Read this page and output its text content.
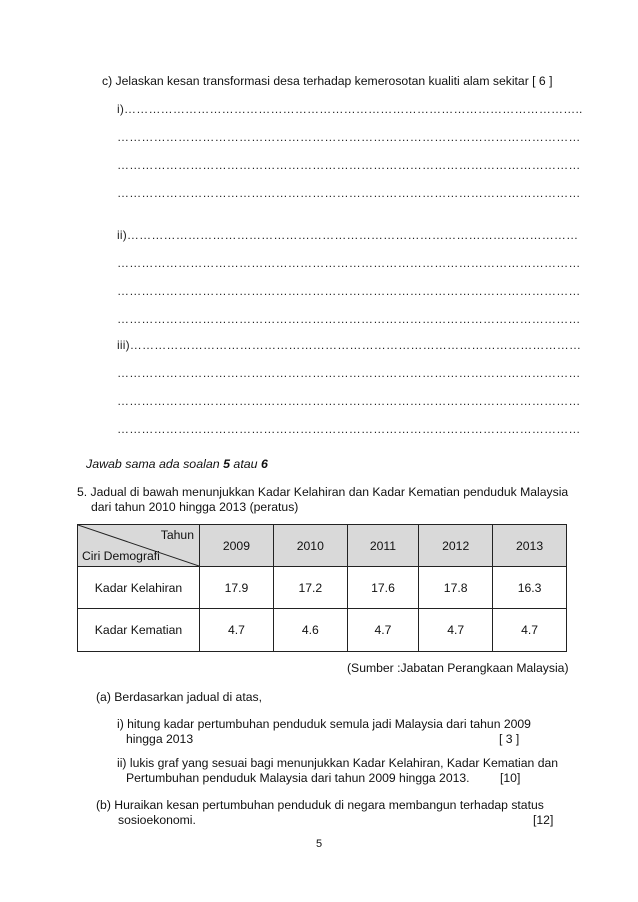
c) Jelaskan kesan transformasi desa terhadap kemerosotan kualiti alam sekitar [ 6 ]
i)…………………………………………………………………………………………………..
……………………………………………………………………………………………………
……………………………………………………………………………………………………
……………………………………………………………………………………………………
ii)…………………………………………………………………………………………………
……………………………………………………………………………………………………
……………………………………………………………………………………………………
……………………………………………………………………………………………………
iii)…………………………………………………………………………………………………
……………………………………………………………………………………………………
……………………………………………………………………………………………………
……………………………………………………………………………………………………
Jawab sama ada soalan 5 atau 6
5. Jadual di bawah menunjukkan Kadar Kelahiran dan Kadar Kematian penduduk Malaysia
dari tahun 2010 hingga 2013 (peratus)
Tahun
Ciri Demografi	2009	2010	2011	2012	2013
Kadar Kelahiran	17.9	17.2	17.6	17.8	16.3
Kadar Kematian	4.7	4.6	4.7	4.7	4.7
(Sumber :Jabatan Perangkaan Malaysia)
(a) Berdasarkan jadual di atas,
i) hitung kadar pertumbuhan penduduk semula jadi Malaysia dari tahun 2009
hingga 2013	[ 3 ]
ii) lukis graf yang sesuai bagi menunjukkan Kadar Kelahiran, Kadar Kematian dan
Pertumbuhan penduduk Malaysia dari tahun 2009 hingga 2013. [10]
(b) Huraikan kesan pertumbuhan penduduk di negara membangun terhadap status
sosioekonomi.	[12]
5
